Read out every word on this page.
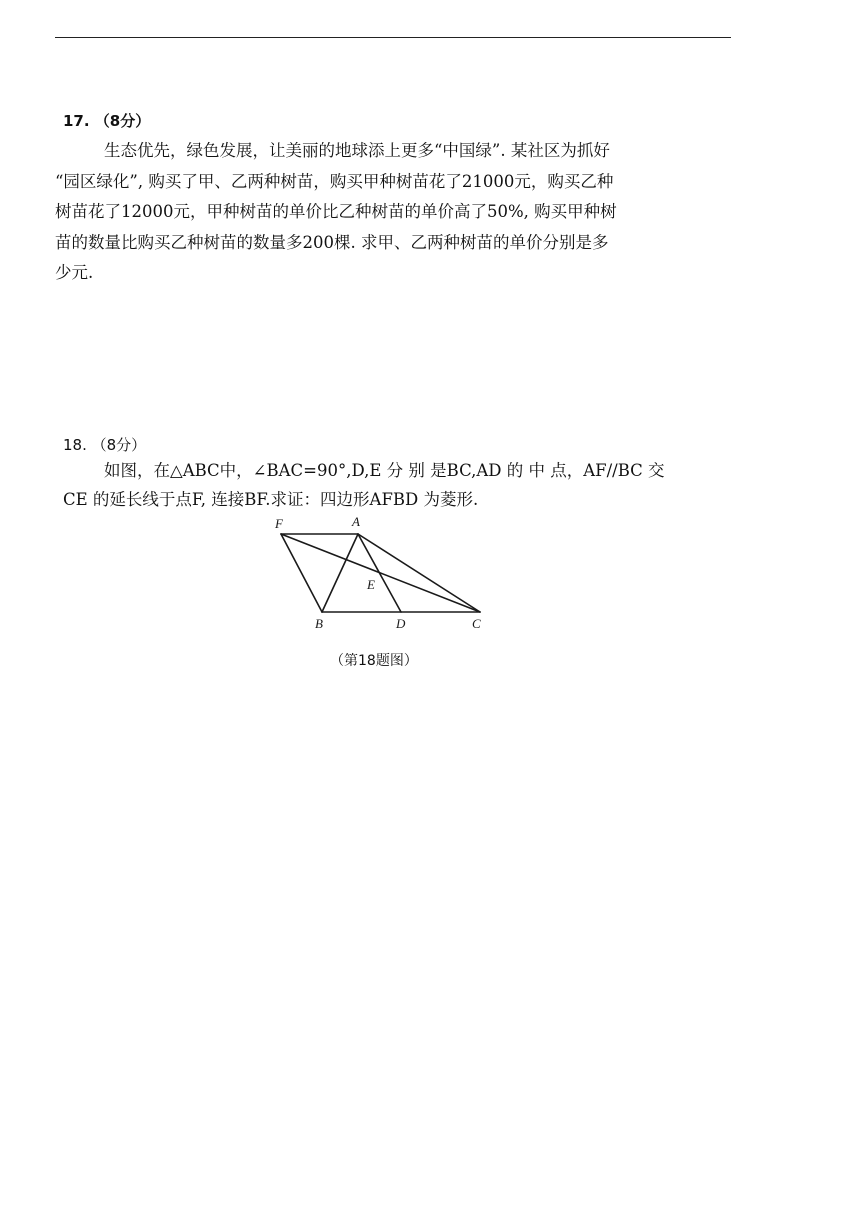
17. （8分）
生态优先，绿色发展，让美丽的地球添上更多“中国绿”. 某社区为抓好
“园区绿化”, 购买了甲、乙两种树苗，购买甲种树苗花了21000元，购买乙种
树苗花了12000元，甲种树苗的单价比乙种树苗的单价高了50%, 购买甲种树
苗的数量比购买乙种树苗的数量多200棵. 求甲、乙两种树苗的单价分别是多
少元.
18. （8分）
如图，在△ABC中，∠BAC=90°,D,E 分 别 是BC,AD 的 中 点，AF//BC 交
CE 的延长线于点F, 连接BF.求证：四边形AFBD 为菱形.
F	A
E
B	D	C
（第18题图）
